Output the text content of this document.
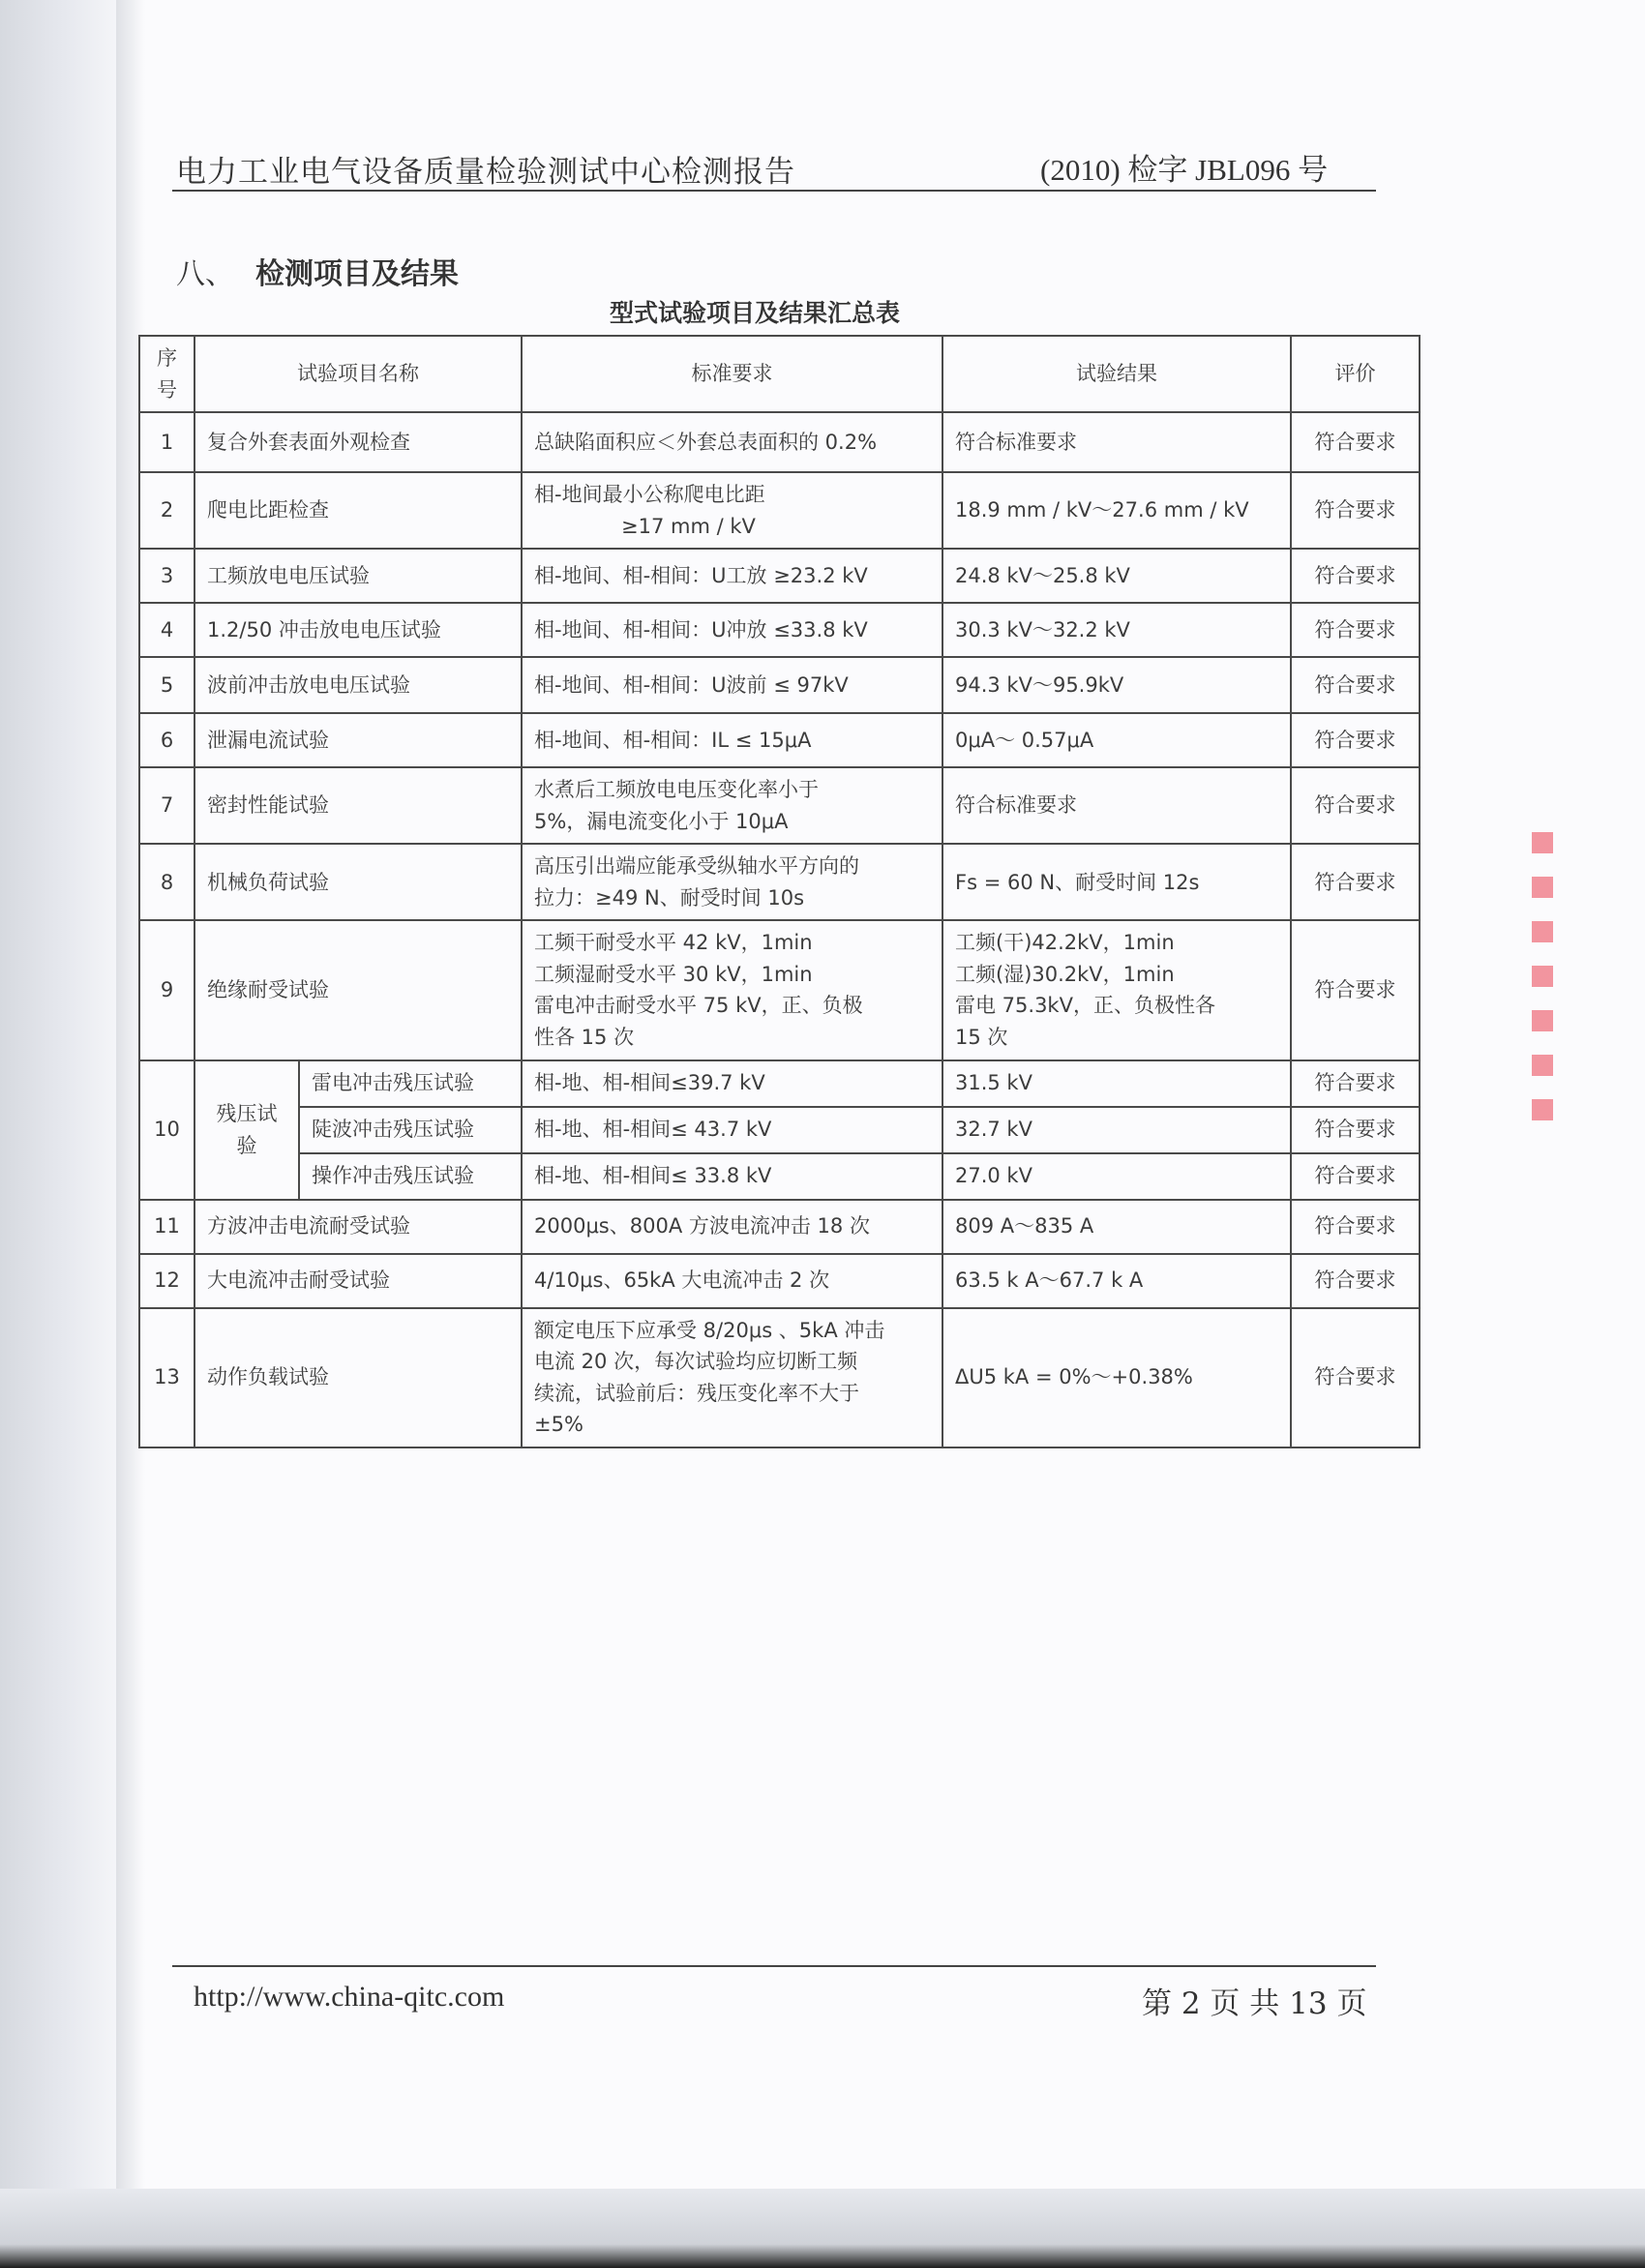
电力工业电气设备质量检验测试中心检测报告	(2010) 检字 JBL096 号
八、 检测项目及结果
型式试验项目及结果汇总表
序号	试验项目名称		标准要求	试验结果	评价
1	复合外套表面外观检查		总缺陷面积应＜外套总表面积的 0.2%	符合标准要求	符合要求
2	爬电比距检查		相-地间最小公称爬电比距
≥17 mm / kV	18.9 mm / kV～27.6 mm / kV	符合要求
3	工频放电电压试验		相-地间、相-相间：U工放 ≥23.2 kV	24.8 kV～25.8 kV	符合要求
4	1.2/50 冲击放电电压试验		相-地间、相-相间：U冲放 ≤33.8 kV	30.3 kV～32.2 kV	符合要求
5	波前冲击放电电压试验		相-地间、相-相间：U波前 ≤ 97kV	94.3 kV～95.9kV	符合要求
6	泄漏电流试验		相-地间、相-相间：IL ≤ 15μA	0μA～ 0.57μA	符合要求
7	密封性能试验		水煮后工频放电电压变化率小于
5%，漏电流变化小于 10μA	符合标准要求	符合要求
8	机械负荷试验		高压引出端应能承受纵轴水平方向的
拉力：≥49 N、耐受时间 10s	Fs = 60 N、耐受时间 12s	符合要求
9	绝缘耐受试验		工频干耐受水平 42 kV，1min
工频湿耐受水平 30 kV，1min
雷电冲击耐受水平 75 kV，正、负极
性各 15 次	工频(干)42.2kV，1min
工频(湿)30.2kV，1min
雷电 75.3kV，正、负极性各
15 次	符合要求
10	残压试验	雷电冲击残压试验	相-地、相-相间≤39.7 kV	31.5 kV	符合要求
		陡波冲击残压试验	相-地、相-相间≤ 43.7 kV	32.7 kV	符合要求
		操作冲击残压试验	相-地、相-相间≤ 33.8 kV	27.0 kV	符合要求
11	方波冲击电流耐受试验		2000μs、800A 方波电流冲击 18 次	809 A～835 A	符合要求
12	大电流冲击耐受试验		4/10μs、65kA 大电流冲击 2 次	63.5 k A～67.7 k A	符合要求
13	动作负载试验		额定电压下应承受 8/20μs 、5kA 冲击
电流 20 次，每次试验均应切断工频
续流，试验前后：残压变化率不大于
±5%	ΔU5 kA = 0%～+0.38%	符合要求
http://www.china-qitc.com	第 2 页 共 13 页
